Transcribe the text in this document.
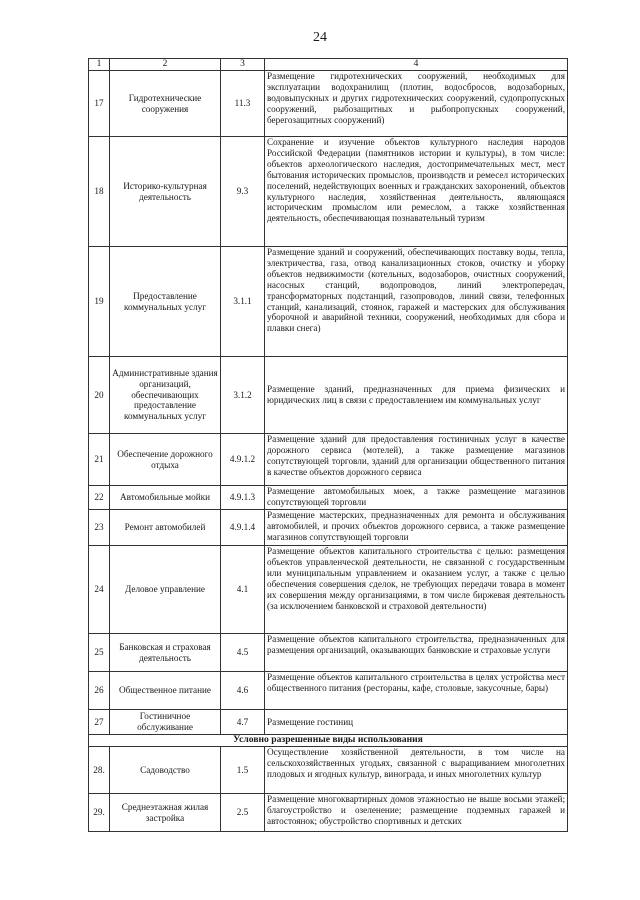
24
1	2	3	4
17	Гидротехнические сооружения	11.3	Размещение гидротехнических сооружений, необходимых для эксплуатации водохранилищ (плотин, водосбросов, водозаборных, водовыпускных и других гидротехнических сооружений, судопропускных сооружений, рыбозащитных и рыбопропускных сооружений, берегозащитных сооружений)
18	Историко-культурная деятельность	9.3	Сохранение и изучение объектов культурного наследия народов Российской Федерации (памятников истории и культуры), в том числе: объектов археологического наследия, достопримечательных мест, мест бытования исторических промыслов, производств и ремесел исторических поселений, недействующих военных и гражданских захоронений, объектов культурного наследия, хозяйственная деятельность, являющаяся историческим промыслом или ремеслом, а также хозяйственная деятельность, обеспечивающая познавательный туризм
19	Предоставление коммунальных услуг	3.1.1	Размещение зданий и сооружений, обеспечивающих поставку воды, тепла, электричества, газа, отвод канализационных стоков, очистку и уборку объектов недвижимости (котельных, водозаборов, очистных сооружений, насосных станций, водопроводов, линий электропередач, трансформаторных подстанций, газопроводов, линий связи, телефонных станций, канализаций, стоянок, гаражей и мастерских для обслуживания уборочной и аварийной техники, сооружений, необходимых для сбора и плавки снега)
20	Административные здания организаций, обеспечивающих предоставление коммунальных услуг	3.1.2	Размещение зданий, предназначенных для приема физических и юридических лиц в связи с предоставлением им коммунальных услуг
21	Обеспечение дорожного отдыха	4.9.1.2	Размещение зданий для предоставления гостиничных услуг в качестве дорожного сервиса (мотелей), а также размещение магазинов сопутствующей торговли, зданий для организации общественного питания в качестве объектов дорожного сервиса
22	Автомобильные мойки	4.9.1.3	Размещение автомобильных моек, а также размещение магазинов сопутствующей торговли
23	Ремонт автомобилей	4.9.1.4	Размещение мастерских, предназначенных для ремонта и обслуживания автомобилей, и прочих объектов дорожного сервиса, а также размещение магазинов сопутствующей торговли
24	Деловое управление	4.1	Размещение объектов капитального строительства с целью: размещения объектов управленческой деятельности, не связанной с государственным или муниципальным управлением и оказанием услуг, а также с целью обеспечения совершения сделок, не требующих передачи товара в момент их совершения между организациями, в том числе биржевая деятельность (за исключением банковской и страховой деятельности)
25	Банковская и страховая деятельность	4.5	Размещение объектов капитального строительства, предназначенных для размещения организаций, оказывающих банковские и страховые услуги
26	Общественное питание	4.6	Размещение объектов капитального строительства в целях устройства мест общественного питания (рестораны, кафе, столовые, закусочные, бары)
27	Гостиничное обслуживание	4.7	Размещение гостиниц
Условно разрешенные виды использования			
28.	Садоводство	1.5	Осуществление хозяйственной деятельности, в том числе на сельскохозяйственных угодьях, связанной с выращиванием многолетних плодовых и ягодных культур, винограда, и иных многолетних культур
29.	Среднеэтажная жилая застройка	2.5	Размещение многоквартирных домов этажностью не выше восьми этажей; благоустройство и озеленение; размещение подземных гаражей и автостоянок; обустройство спортивных и детских
